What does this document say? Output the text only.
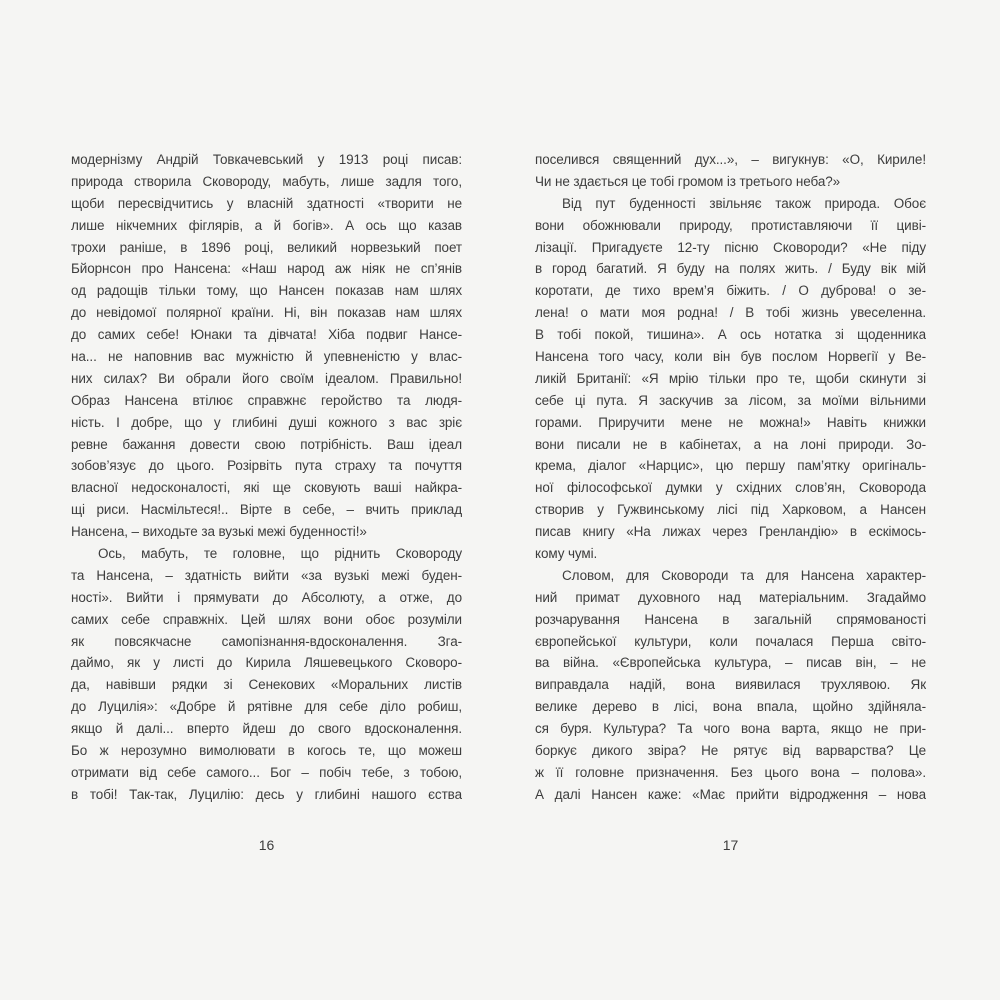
модернізму Андрій Товкачевський у 1913 році писав:
природа створила Сковороду, мабуть, лише задля того,
щоби пересвідчитись у власній здатності «творити не
лише нікчемних фіглярів, а й богів». А ось що казав
трохи раніше, в 1896 році, великий норвезький поет
Бйорнсон про Нансена: «Наш народ аж ніяк не сп’янів
од радощів тільки тому, що Нансен показав нам шлях
до невідомої полярної країни. Ні, він показав нам шлях
до самих себе! Юнаки та дівчата! Хіба подвиг Нансе-
на... не наповнив вас мужністю й упевненістю у влас-
них силах? Ви обрали його своїм ідеалом. Правильно!
Образ Нансена втілює справжнє геройство та людя-
ність. І добре, що у глибині душі кожного з вас зріє
ревне бажання довести свою потрібність. Ваш ідеал
зобов’язує до цього. Розірвіть пута страху та почуття
власної недосконалості, які ще сковують ваші найкра-
щі риси. Насмільтеся!.. Вірте в себе, – вчить приклад
Нансена, – виходьте за вузькі межі буденності!»
Ось, мабуть, те головне, що ріднить Сковороду
та Нансена, – здатність вийти «за вузькі межі буден-
ності». Вийти і прямувати до Абсолюту, а отже, до
самих себе справжніх. Цей шлях вони обоє розуміли
як повсякчасне самопізнання-вдосконалення. Зга-
даймо, як у листі до Кирила Ляшевецького Сковоро-
да, навівши рядки зі Сенекових «Моральних листів
до Луцилія»: «Добре й рятівне для себе діло робиш,
якщо й далі... вперто йдеш до свого вдосконалення.
Бо ж нерозумно вимолювати в когось те, що можеш
отримати від себе самого... Бог – побіч тебе, з тобою,
в тобі! Так-так, Луцилію: десь у глибині нашого єства
16
поселився священний дух...», – вигукнув: «О, Кириле!
Чи не здається це тобі громом із третього неба?»
Від пут буденності звільняє також природа. Обоє
вони обожнювали природу, протиставляючи її циві-
лізації. Пригадуєте 12-ту пісню Сковороди? «Не піду
в город багатий. Я буду на полях жить. / Буду вік мій
коротати, де тихо врем’я біжить. / О дуброва! о зе-
лена! о мати моя родна! / В тобі жизнь увеселенна.
В тобі покой, тишина». А ось нотатка зі щоденника
Нансена того часу, коли він був послом Норвегії у Ве-
ликій Британії: «Я мрію тільки про те, щоби скинути зі
себе ці пута. Я заскучив за лісом, за моїми вільними
горами. Приручити мене не можна!» Навіть книжки
вони писали не в кабінетах, а на лоні природи. Зо-
крема, діалог «Нарцис», цю першу пам’ятку оригіналь-
ної філософської думки у східних слов’ян, Сковорода
створив у Гужвинському лісі під Харковом, а Нансен
писав книгу «На лижах через Гренландію» в ескімось-
кому чумі.
Словом, для Сковороди та для Нансена характер-
ний примат духовного над матеріальним. Згадаймо
розчарування Нансена в загальній спрямованості
європейської культури, коли почалася Перша світо-
ва війна. «Європейська культура, – писав він, – не
виправдала надій, вона виявилася трухлявою. Як
велике дерево в лісі, вона впала, щойно здійняла-
ся буря. Культура? Та чого вона варта, якщо не при-
боркує дикого звіра? Не рятує від варварства? Це
ж її головне призначення. Без цього вона – полова».
А далі Нансен каже: «Має прийти відродження – нова
17
